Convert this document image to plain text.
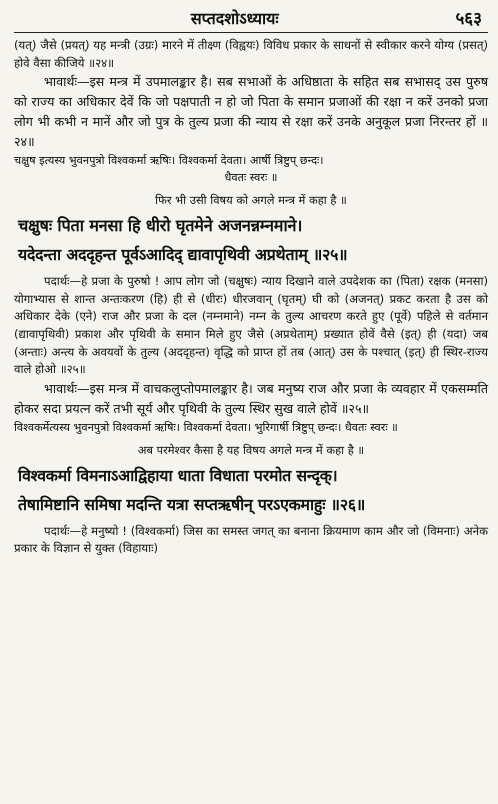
सप्तदशोऽध्यायः	५६३

(यत्) जैसे (प्रयत्) यह मन्त्री (उग्रः) मारने में तीक्ष्ण (विह्वयः) विविध प्रकार के साधनों से स्वीकार करने योग्य (प्रसत्) होवे वैसा कीजिये ॥२४॥

भावार्थः—इस मन्त्र में उपमालङ्कार है। सब सभाओं के अधिष्ठाता के सहित सब सभासद् उस पुरुष को राज्य का अधिकार देवें कि जो पक्षपाती न हो जो पिता के समान प्रजाओं की रक्षा न करें उनको प्रजा लोग भी कभी न मानें और जो पुत्र के तुल्य प्रजा की न्याय से रक्षा करें उनके अनुकूल प्रजा निरन्तर हों ॥२४॥

चक्षुष इत्यस्य भुवनपुत्रो विश्वकर्मा ऋषिः। विश्वकर्मा देवता। आर्षी त्रिष्टुप् छन्दः।

धैवतः स्वरः ॥

फिर भी उसी विषय को अगले मन्त्र में कहा है ॥

चक्षुषः पिता मनसा हि धीरो घृतमेने अजनन्नम्नमाने।

यदेदन्ता अददृहन्त पूर्वऽआदिद् द्यावापृथिवी अप्रथेताम् ॥२५॥

पदार्थः—हे प्रजा के पुरुषो ! आप लोग जो (चक्षुषः) न्याय दिखाने वाले उपदेशक का (पिता) रक्षक (मनसा) योगाभ्यास से शान्त अन्तःकरण (हि) ही से (धीरः) धीरजवान् (घृतम्) घी को (अजनत्) प्रकट करता है उस को अधिकार देके (एने) राज और प्रजा के दल (नम्नमाने) नम्न के तुल्य आचरण करते हुए (पूर्वे) पहिले से वर्तमान (द्यावापृथिवी) प्रकाश और पृथिवी के समान मिले हुए जैसे (अप्रथेताम्) प्रख्यात होवें वैसे (इत्) ही (यदा) जब (अन्ताः) अन्त्य के अवयवों के तुल्य (अददृहन्त) वृद्धि को प्राप्त हों तब (आत्) उस के पश्चात् (इत्) ही स्थिर-राज्य वाले होओ ॥२५॥

भावार्थः—इस मन्त्र में वाचकलुप्तोपमालङ्कार है। जब मनुष्य राज और प्रजा के व्यवहार में एकसम्मति होकर सदा प्रयत्न करें तभी सूर्य और पृथिवी के तुल्य स्थिर सुख वाले होवें ॥२५॥

विश्वकर्मेत्यस्य भुवनपुत्रो विश्वकर्मा ऋषिः। विश्वकर्मा देवता। भुरिगार्षी त्रिष्टुप् छन्दः। धैवतः स्वरः ॥

अब परमेश्वर कैसा है यह विषय अगले मन्त्र में कहा है ॥

विश्वकर्मा विमनाऽआद्विहाया धाता विधाता परमोत सन्दृक्।

तेषामिष्टानि समिषा मदन्ति यत्रा सप्तऋषीन् परऽएकमाहुः ॥२६॥

पदार्थः—हे मनुष्यो ! (विश्वकर्मा) जिस का समस्त जगत् का बनाना क्रियमाण काम और जो (विमनाः) अनेक प्रकार के विज्ञान से युक्त (विहायाः)
